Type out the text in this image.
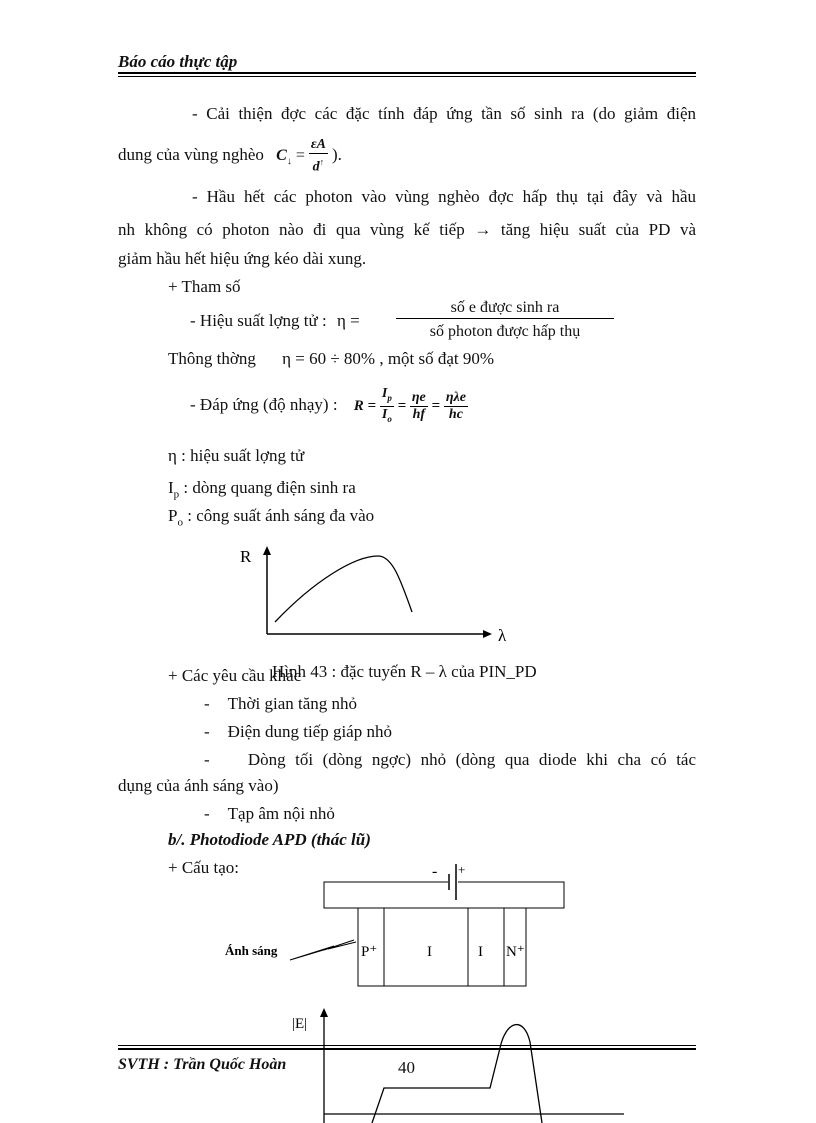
Báo cáo thực tập
- Cải thiện đợc các đặc tính đáp ứng tần số sinh ra (do giảm điện
dung của vùng nghèo $C_↓ = \frac{\varepsilon A}{d^↑}$ ).
- Hầu hết các photon vào vùng nghèo đợc hấp thụ tại đây và hầu
nh không có photon nào đi qua vùng kế tiếp → tăng hiệu suất của PD và
giảm hầu hết hiệu ứng kéo dài xung.
+ Tham số
- Hiệu suất lợng tử : η =
số e được sinh ra
số photon được hấp thụ
Thông thờng η = 60 ÷ 80% , một số đạt 90%
- Đáp ứng (độ nhạy) : $R = \frac{I_p}{I_o} = \frac{\eta e}{hf} = \frac{\text{ηλe}}{hc}$
η : hiệu suất lợng tử
$I_p$ : dòng quang điện sinh ra
$P_o$ : công suất ánh sáng đa vào
R
λ
+ Các yêu cầu khác
Hình 43 : đặc tuyến R – λ của PIN_PD
- Thời gian tăng nhỏ
- Điện dung tiếp giáp nhỏ
- Dòng tối (dòng ngợc) nhỏ (dòng qua diode khi cha có tác
dụng của ánh sáng vào)
- Tạp âm nội nhỏ
b/. Photodiode APD (thác lũ)
+ Cấu tạo:	- +
P⁺	I	I N⁺
Ánh sáng
|E|
SVTH : Trần Quốc Hoàn	40
